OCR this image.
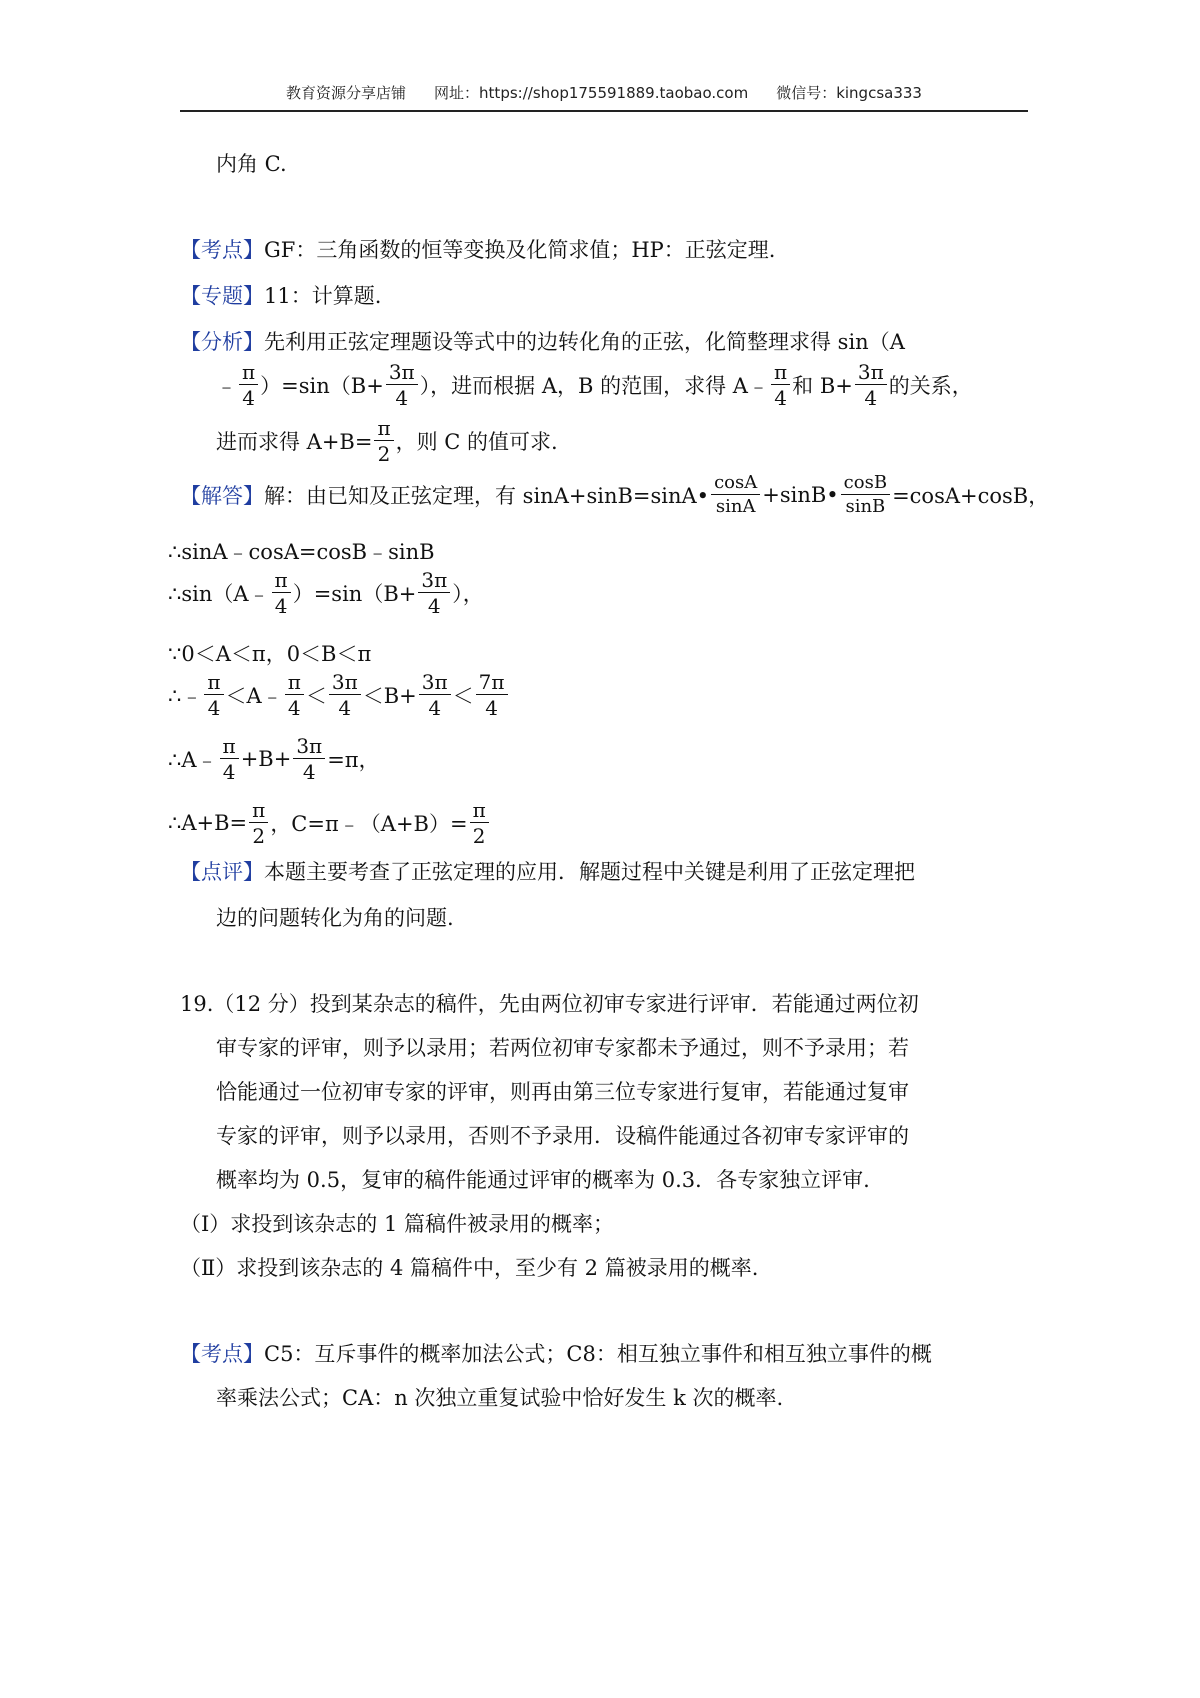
教育资源分享店铺 网址：https://shop175591889.taobao.com 微信号：kingcsa333
内角 C.
【考点】 GF：三角函数的恒等变换及化简求值；HP：正弦定理.
【专题】 11：计算题.
【分析】 先利用正弦定理题设等式中的边转化角的正弦，化简整理求得 sin（A
﹣ $\frac{\pi}{4} )=\sin(B+ \frac{3\pi}{4}$ ），进而根据 A，B 的范围，求得 A﹣ $\frac{\pi}{4}$ 和 $B+ \frac{3\pi}{4}$ 的关系，
进而求得 $A+B= \frac{\pi}{2}$ ，则 C 的值可求.
【解答】 解：由已知及正弦定理，有 sinA+sinB=sinA• $\frac{\cos A}{\sin A}$ +sinB• $\frac{\cos B}{\sin B} =\cos A+\cos B$，
∴sinA﹣cosA=cosB﹣sinB
∴sin（A﹣ $\frac{\pi}{4} )=\sin(B+ \frac{3\pi}{4}$ ），
∵0＜A＜π，0＜B＜π
∴﹣ $\frac{\pi}{4}$ ＜A﹣ $\frac{\pi}{4} < \frac{3\pi}{4} <B+ \frac{3\pi}{4} < \frac{7\pi}{4}$
∴A﹣ $\frac{\pi}{4} +B+ \frac{3\pi}{4} =\pi$，
∴A+B= $\frac{\pi}{2}$ ，C=π﹣（A+B）= $\frac{\pi}{2}$
【点评】 本题主要考查了正弦定理的应用．解题过程中关键是利用了正弦定理把
边的问题转化为角的问题.
19.（12 分）投到某杂志的稿件，先由两位初审专家进行评审．若能通过两位初
审专家的评审，则予以录用；若两位初审专家都未予通过，则不予录用；若
恰能通过一位初审专家的评审，则再由第三位专家进行复审，若能通过复审
专家的评审，则予以录用，否则不予录用．设稿件能通过各初审专家评审的
概率均为 0.5，复审的稿件能通过评审的概率为 0.3．各专家独立评审.
（Ⅰ）求投到该杂志的 1 篇稿件被录用的概率；
（Ⅱ）求投到该杂志的 4 篇稿件中，至少有 2 篇被录用的概率.
【考点】 C5：互斥事件的概率加法公式；C8：相互独立事件和相互独立事件的概
率乘法公式；CA：n 次独立重复试验中恰好发生 k 次的概率.
